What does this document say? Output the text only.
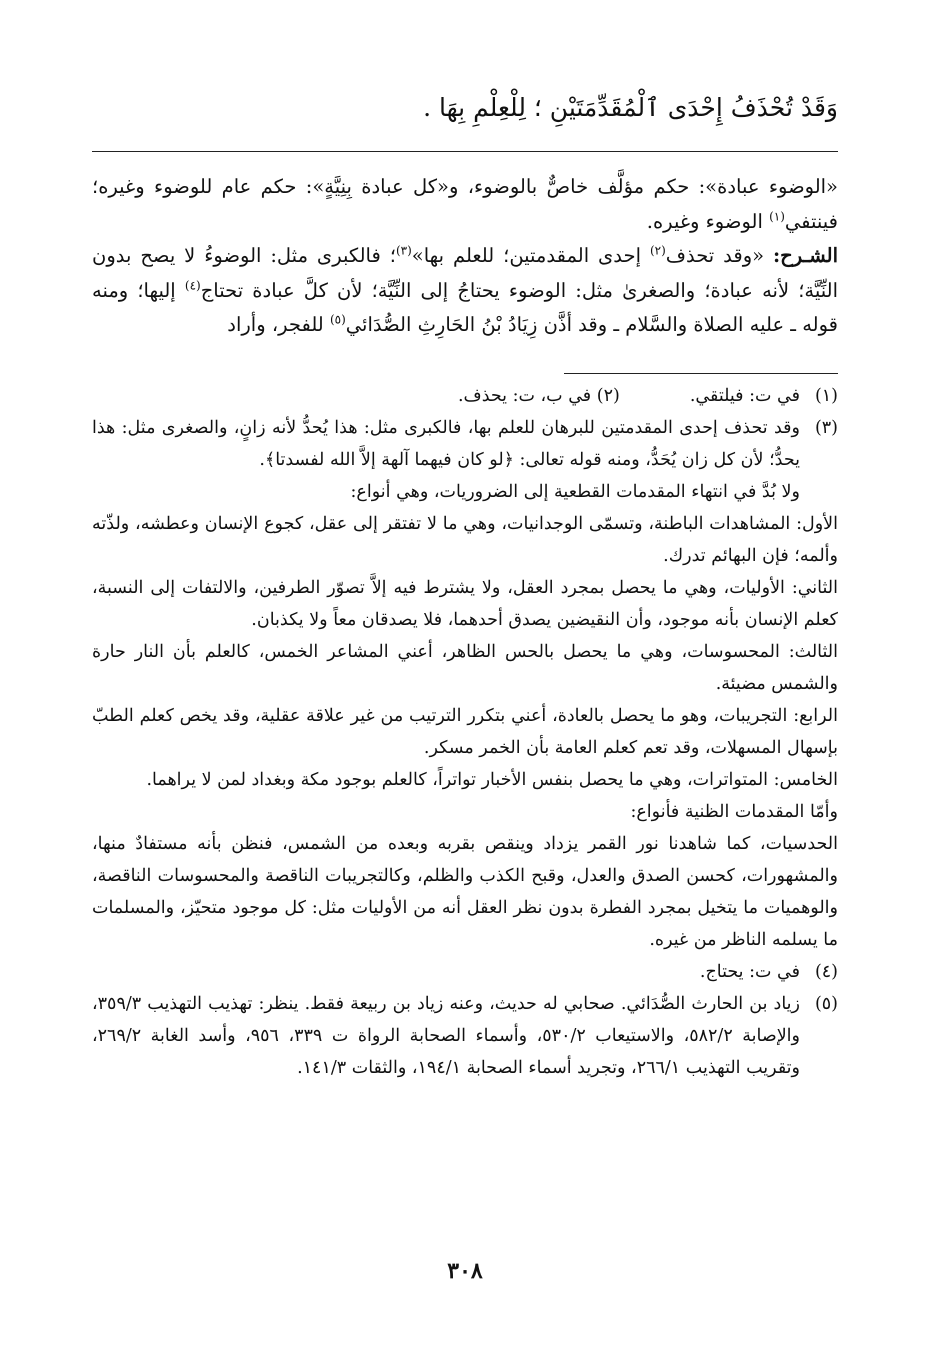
وَقَدْ تُحْذَفُ إِحْدَى ٱلْمُقَدِّمَتَيْنِ ؛ لِلْعِلْمِ بِهَا .

«الوضوء عبادة»: حكم مؤلَّف خاصٌّ بالوضوء، و«كل عبادة بِنِيَّةٍ»: حكم عام للوضوء وغيره؛ فينتفي$^{(١)}$ الوضوء وغيره.

الشـرح: «وقد تحذف$^{(٢)}$ إحدى المقدمتين؛ للعلم بها»$^{(٣)}$؛ فالكبرى مثل: الوضوءُ لا يصح بدون النِّيَّة؛ لأنه عبادة؛ والصغرىٰ مثل: الوضوء يحتاجُ إلى النِّيَّة؛ لأن كلَّ عبادة تحتاج$^{(٤)}$ إليها؛ ومنه قوله ـ عليه الصلاة والسَّلام ـ وقد أذَّن زِيَادُ بْنُ الحَارِثِ الصُّدَائي$^{(٥)}$ للفجر، وأراد

(١)
في ت: فيلتقي.
(٢)

في ب، ت: يحذف.
(٣)

وقد تحذف إحدى المقدمتين للبرهان للعلم بها، فالكبرى مثل: هذا يُحدُّ لأنه زانٍ، والصغرى مثل: هذا يحدُّ؛ لأن كل زان يُحَدُّ، ومنه قوله تعالى: ﴿لو كان فيهما آلهة إلاَّ الله لفسدتا﴾.

ولا بُدَّ في انتهاء المقدمات القطعية إلى الضروريات، وهي أنواع:

الأول: المشاهدات الباطنة، وتسمّى الوجدانيات، وهي ما لا تفتقر إلى عقل، كجوع الإنسان وعطشه، ولذّته وألمه؛ فإن البهائم تدرك.
الثاني: الأوليات، وهي ما يحصل بمجرد العقل، ولا يشترط فيه إلاَّ تصوّر الطرفين، والالتفات إلى النسبة، كعلم الإنسان بأنه موجود، وأن النقيضين يصدق أحدهما، فلا يصدقان معاً ولا يكذبان.
الثالث: المحسوسات، وهي ما يحصل بالحس الظاهر، أعني المشاعر الخمس، كالعلم بأن النار حارة والشمس مضيئة.
الرابع: التجريبات، وهو ما يحصل بالعادة، أعني بتكرر الترتيب من غير علاقة عقلية، وقد يخص كعلم الطبّ بإسهال المسهلات، وقد تعم كعلم العامة بأن الخمر مسكر.
الخامس: المتواترات، وهي ما يحصل بنفس الأخبار تواتراً، كالعلم بوجود مكة وبغداد لمن لا يراهما.
وأمّا المقدمات الظنية فأنواع:
الحدسيات، كما شاهدنا نور القمر يزداد وينقص بقربه وبعده من الشمس، فنظن بأنه مستفادٌ منها، والمشهورات، كحسن الصدق والعدل، وقبح الكذب والظلم، وكالتجريبات الناقصة والمحسوسات الناقصة، والوهميات ما يتخيل بمجرد الفطرة بدون نظر العقل أنه من الأوليات مثل: كل موجود متحيّز، والمسلمات ما يسلمه الناظر من غيره.
(٤)
في ت: يحتاج.
(٥)
زياد بن الحارث الصُّدَائي. صحابي له حديث، وعنه زياد بن ربيعة فقط. ينظر: تهذيب التهذيب ٣٥٩/٣، والإصابة ٥٨٢/٢، والاستيعاب ٥٣٠/٢، وأسماء الصحابة الرواة ت ٣٣٩، ٩٥٦، وأسد الغابة ٢٦٩/٢، وتقريب التهذيب ٢٦٦/١، وتجريد أسماء الصحابة ١٩٤/١، والثقات ١٤١/٣.
٣٠٨
